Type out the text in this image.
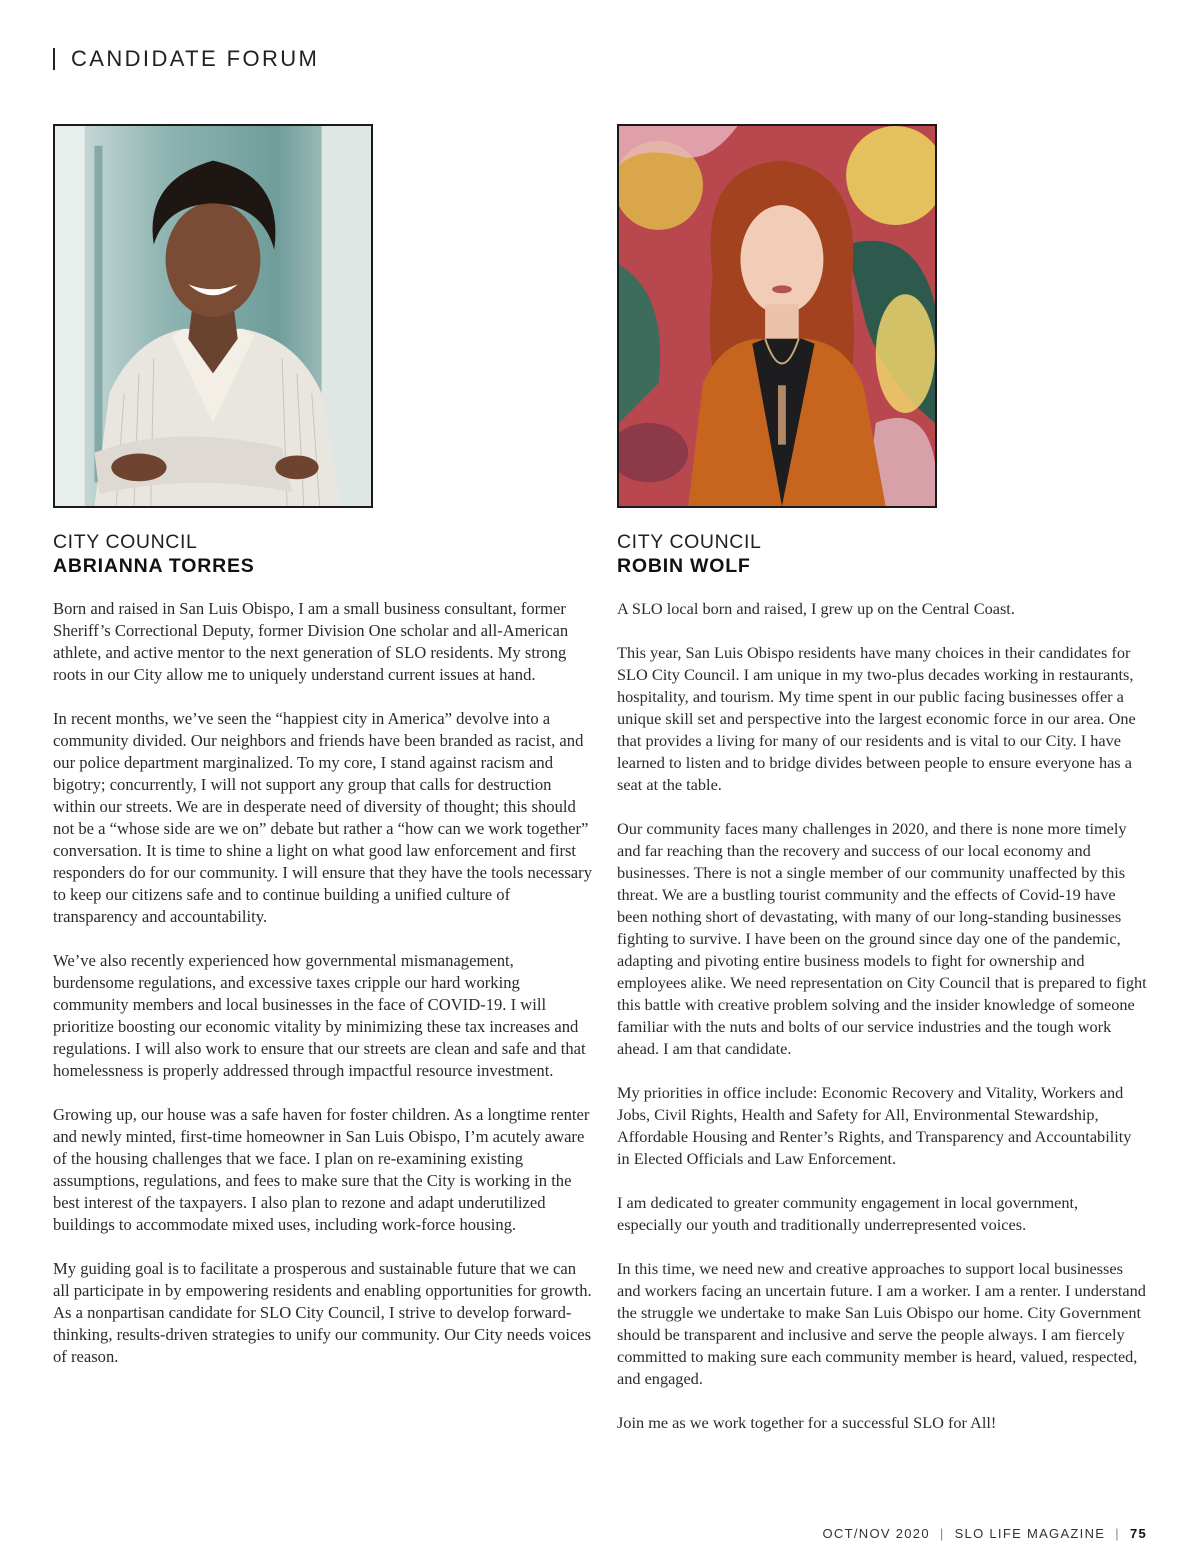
CANDIDATE FORUM
CITY COUNCIL
ABRIANNA TORRES

Born and raised in San Luis Obispo, I am a small business consultant, former Sheriff’s Correctional Deputy, former Division One scholar and all-American athlete, and active mentor to the next generation of SLO residents. My strong roots in our City allow me to uniquely understand current issues at hand.

In recent months, we’ve seen the “happiest city in America” devolve into a community divided. Our neighbors and friends have been branded as racist, and our police department marginalized. To my core, I stand against racism and bigotry; concurrently, I will not support any group that calls for destruction within our streets. We are in desperate need of diversity of thought; this should not be a “whose side are we on” debate but rather a “how can we work together” conversation. It is time to shine a light on what good law enforcement and first responders do for our community. I will ensure that they have the tools necessary to keep our citizens safe and to continue building a unified culture of transparency and accountability.

We’ve also recently experienced how governmental mismanagement, burdensome regulations, and excessive taxes cripple our hard working community members and local businesses in the face of COVID-19. I will prioritize boosting our economic vitality by minimizing these tax increases and regulations. I will also work to ensure that our streets are clean and safe and that homelessness is properly addressed through impactful resource investment.

Growing up, our house was a safe haven for foster children. As a longtime renter and newly minted, first-time homeowner in San Luis Obispo, I’m acutely aware of the housing challenges that we face. I plan on re-examining existing assumptions, regulations, and fees to make sure that the City is working in the best interest of the taxpayers. I also plan to rezone and adapt underutilized buildings to accommodate mixed uses, including work-force housing.

My guiding goal is to facilitate a prosperous and sustainable future that we can all participate in by empowering residents and enabling opportunities for growth. As a nonpartisan candidate for SLO City Council, I strive to develop forward-thinking, results-driven strategies to unify our community. Our City needs voices of reason.

CITY COUNCIL
ROBIN WOLF

A SLO local born and raised, I grew up on the Central Coast.

This year, San Luis Obispo residents have many choices in their candidates for SLO City Council. I am unique in my two-plus decades working in restaurants, hospitality, and tourism. My time spent in our public facing businesses offer a unique skill set and perspective into the largest economic force in our area. One that provides a living for many of our residents and is vital to our City. I have learned to listen and to bridge divides between people to ensure everyone has a seat at the table.

Our community faces many challenges in 2020, and there is none more timely and far reaching than the recovery and success of our local economy and businesses. There is not a single member of our community unaffected by this threat. We are a bustling tourist community and the effects of Covid-19 have been nothing short of devastating, with many of our long-standing businesses fighting to survive. I have been on the ground since day one of the pandemic, adapting and pivoting entire business models to fight for ownership and employees alike. We need representation on City Council that is prepared to fight this battle with creative problem solving and the insider knowledge of someone familiar with the nuts and bolts of our service industries and the tough work ahead. I am that candidate.

My priorities in office include: Economic Recovery and Vitality, Workers and Jobs, Civil Rights, Health and Safety for All, Environmental Stewardship, Affordable Housing and Renter’s Rights, and Transparency and Accountability in Elected Officials and Law Enforcement.

I am dedicated to greater community engagement in local government, especially our youth and traditionally underrepresented voices.

In this time, we need new and creative approaches to support local businesses and workers facing an uncertain future. I am a worker. I am a renter. I understand the struggle we undertake to make San Luis Obispo our home. City Government should be transparent and inclusive and serve the people always. I am fiercely committed to making sure each community member is heard, valued, respected, and engaged.

Join me as we work together for a successful SLO for All!

OCT/NOV 2020 | SLO LIFE MAGAZINE | 75
